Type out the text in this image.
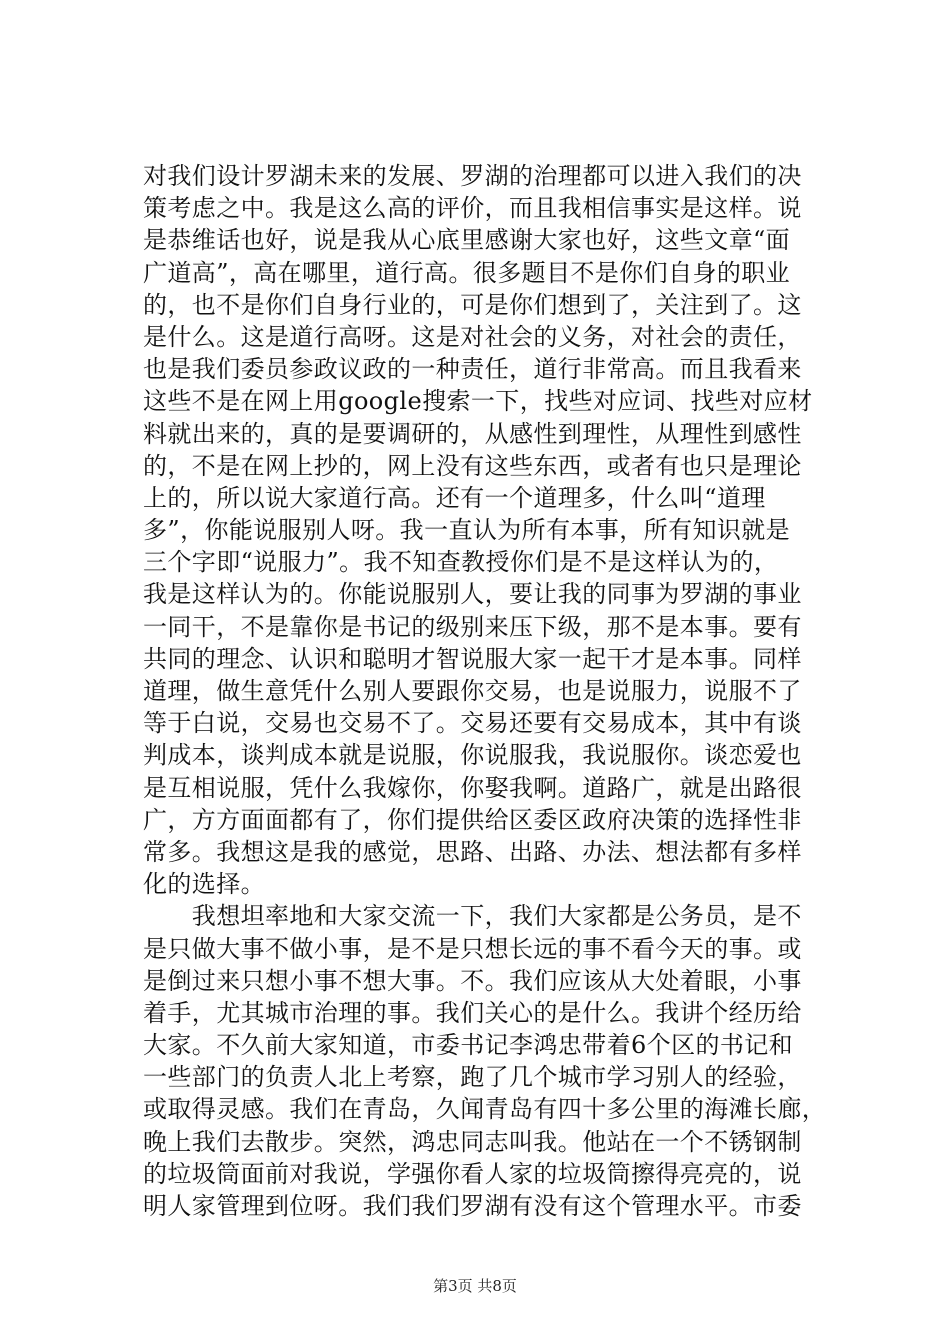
对我们设计罗湖未来的发展、罗湖的治理都可以进入我们的决
策考虑之中。我是这么高的评价，而且我相信事实是这样。说
是恭维话也好，说是我从心底里感谢大家也好，这些文章“面
广道高”，高在哪里，道行高。很多题目不是你们自身的职业
的，也不是你们自身行业的，可是你们想到了，关注到了。这
是什么。这是道行高呀。这是对社会的义务，对社会的责任，
也是我们委员参政议政的一种责任，道行非常高。而且我看来
这些不是在网上用google搜索一下，找些对应词、找些对应材
料就出来的，真的是要调研的，从感性到理性，从理性到感性
的，不是在网上抄的，网上没有这些东西，或者有也只是理论
上的，所以说大家道行高。还有一个道理多，什么叫“道理
多”，你能说服别人呀。我一直认为所有本事，所有知识就是
三个字即“说服力”。我不知查教授你们是不是这样认为的，
我是这样认为的。你能说服别人，要让我的同事为罗湖的事业
一同干，不是靠你是书记的级别来压下级，那不是本事。要有
共同的理念、认识和聪明才智说服大家一起干才是本事。同样
道理，做生意凭什么别人要跟你交易，也是说服力，说服不了
等于白说，交易也交易不了。交易还要有交易成本，其中有谈
判成本，谈判成本就是说服，你说服我，我说服你。谈恋爱也
是互相说服，凭什么我嫁你，你娶我啊。道路广，就是出路很
广，方方面面都有了，你们提供给区委区政府决策的选择性非
常多。我想这是我的感觉，思路、出路、办法、想法都有多样
化的选择。
　　我想坦率地和大家交流一下，我们大家都是公务员，是不
是只做大事不做小事，是不是只想长远的事不看今天的事。或
是倒过来只想小事不想大事。不。我们应该从大处着眼，小事
着手，尤其城市治理的事。我们关心的是什么。我讲个经历给
大家。不久前大家知道，市委书记李鸿忠带着6个区的书记和
一些部门的负责人北上考察，跑了几个城市学习别人的经验，
或取得灵感。我们在青岛，久闻青岛有四十多公里的海滩长廊，
晚上我们去散步。突然，鸿忠同志叫我。他站在一个不锈钢制
的垃圾筒面前对我说，学强你看人家的垃圾筒擦得亮亮的，说
明人家管理到位呀。我们我们罗湖有没有这个管理水平。市委
第3页 共8页
